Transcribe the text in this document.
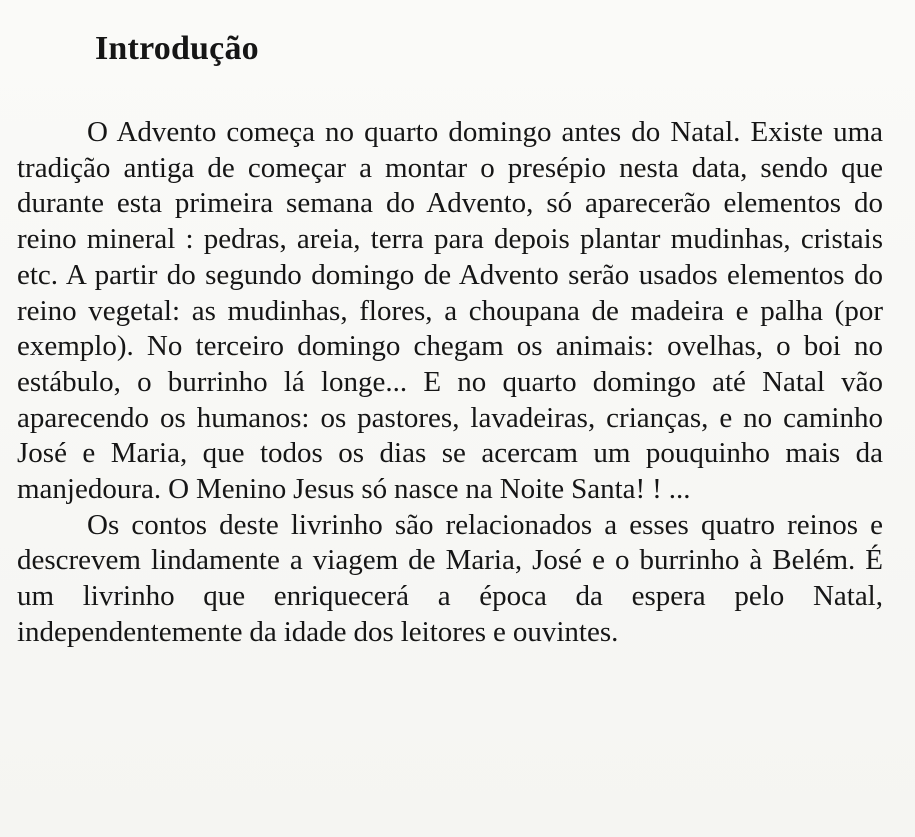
Introdução

O Advento começa no quarto domingo antes do Natal. Existe uma tradição antiga de começar a montar o presépio nesta data, sendo que durante esta primeira semana do Advento, só aparecerão elementos do reino mineral : pedras, areia, terra para depois plantar mudinhas, cristais etc. A partir do segundo domingo de Advento serão usados elementos do reino vegetal: as mudinhas, flores, a choupana de madeira e palha (por exemplo). No terceiro domingo chegam os animais: ovelhas, o boi no estábulo, o burrinho lá longe... E no quarto domingo até Natal vão aparecendo os humanos: os pastores, lavadeiras, crianças, e no caminho José e Maria, que todos os dias se acercam um pouquinho mais da manjedoura. O Menino Jesus só nasce na Noite Santa! ! ...

Os contos deste livrinho são relacionados a esses quatro reinos e descrevem lindamente a viagem de Maria, José e o burrinho à Belém. É um livrinho que enriquecerá a época da espera pelo Natal, independentemente da idade dos leitores e ouvintes.
